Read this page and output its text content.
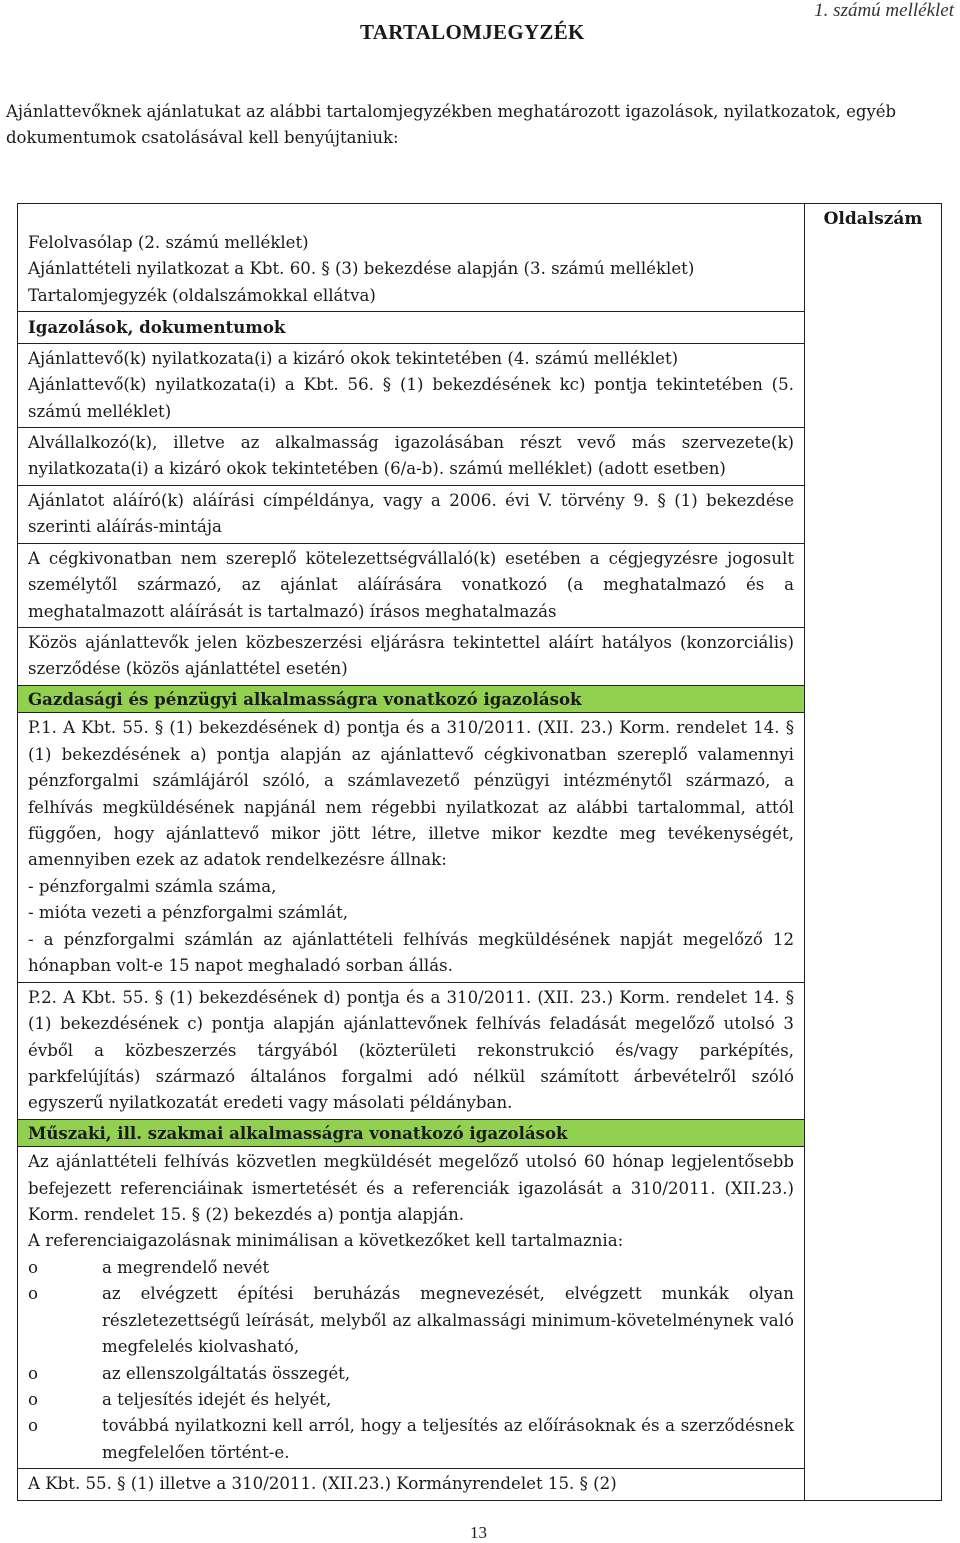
1. számú melléklet
TARTALOMJEGYZÉK
Ajánlattevőknek ajánlatukat az alábbi tartalomjegyzékben meghatározott igazolások, nyilatkozatok, egyéb dokumentumok csatolásával kell benyújtaniuk:
Felolvasólap (2. számú melléklet)
Ajánlattételi nyilatkozat a Kbt. 60. § (3) bekezdése alapján (3. számú melléklet)
Tartalomjegyzék (oldalszámokkal ellátva)

Oldalszám

Igazolások, dokumentumok

Ajánlattevő(k) nyilatkozata(i) a kizáró okok tekintetében (4. számú melléklet)
Ajánlattevő(k) nyilatkozata(i) a Kbt. 56. § (1) bekezdésének kc) pontja tekintetében (5. számú melléklet)

Alvállalkozó(k), illetve az alkalmasság igazolásában részt vevő más szervezete(k) nyilatkozata(i) a kizáró okok tekintetében (6/a-b). számú melléklet) (adott esetben)
Ajánlatot aláíró(k) aláírási címpéldánya, vagy a 2006. évi V. törvény 9. § (1) bekezdése szerinti aláírás-mintája
A cégkivonatban nem szereplő kötelezettségvállaló(k) esetében a cégjegyzésre jogosult személytől származó, az ajánlat aláírására vonatkozó (a meghatalmazó és a meghatalmazott aláírását is tartalmazó) írásos meghatalmazás
Közös ajánlattevők jelen közbeszerzési eljárásra tekintettel aláírt hatályos (konzorciális) szerződése (közös ajánlattétel esetén)
Gazdasági és pénzügyi alkalmasságra vonatkozó igazolások

P.1. A Kbt. 55. § (1) bekezdésének d) pontja és a 310/2011. (XII. 23.) Korm. rendelet 14. § (1) bekezdésének a) pontja alapján az ajánlattevő cégkivonatban szereplő valamennyi pénzforgalmi számlájáról szóló, a számlavezető pénzügyi intézménytől származó, a felhívás megküldésének napjánál nem régebbi nyilatkozat az alábbi tartalommal, attól függően, hogy ajánlattevő mikor jött létre, illetve mikor kezdte meg tevékenységét, amennyiben ezek az adatok rendelkezésre állnak:
- pénzforgalmi számla száma,
- mióta vezeti a pénzforgalmi számlát,
- a pénzforgalmi számlán az ajánlattételi felhívás megküldésének napját megelőző 12 hónapban volt-e 15 napot meghaladó sorban állás.

P.2. A Kbt. 55. § (1) bekezdésének d) pontja és a 310/2011. (XII. 23.) Korm. rendelet 14. § (1) bekezdésének c) pontja alapján ajánlattevőnek felhívás feladását megelőző utolsó 3 évből a közbeszerzés tárgyából (közterületi rekonstrukció és/vagy parképítés, parkfelújítás) származó általános forgalmi adó nélkül számított árbevételről szóló egyszerű nyilatkozatát eredeti vagy másolati példányban.
Műszaki, ill. szakmai alkalmasságra vonatkozó igazolások

Az ajánlattételi felhívás közvetlen megküldését megelőző utolsó 60 hónap legjelentősebb befejezett referenciáinak ismertetését és a referenciák igazolását a 310/2011. (XII.23.) Korm. rendelet 15. § (2) bekezdés a) pontja alapján.
A referenciaigazolásnak minimálisan a következőket kell tartalmaznia:
o	a megrendelő nevét
o	az elvégzett építési beruházás megnevezését, elvégzett munkák olyan részletezettségű leírását, melyből az alkalmassági minimum-követelménynek való megfelelés kiolvasható,
o	az ellenszolgáltatás összegét,
o	a teljesítés idejét és helyét,
o	továbbá nyilatkozni kell arról, hogy a teljesítés az előírásoknak és a szerződésnek megfelelően történt-e.

A Kbt. 55. § (1) illetve a 310/2011. (XII.23.) Kormányrendelet 15. § (2)
13
